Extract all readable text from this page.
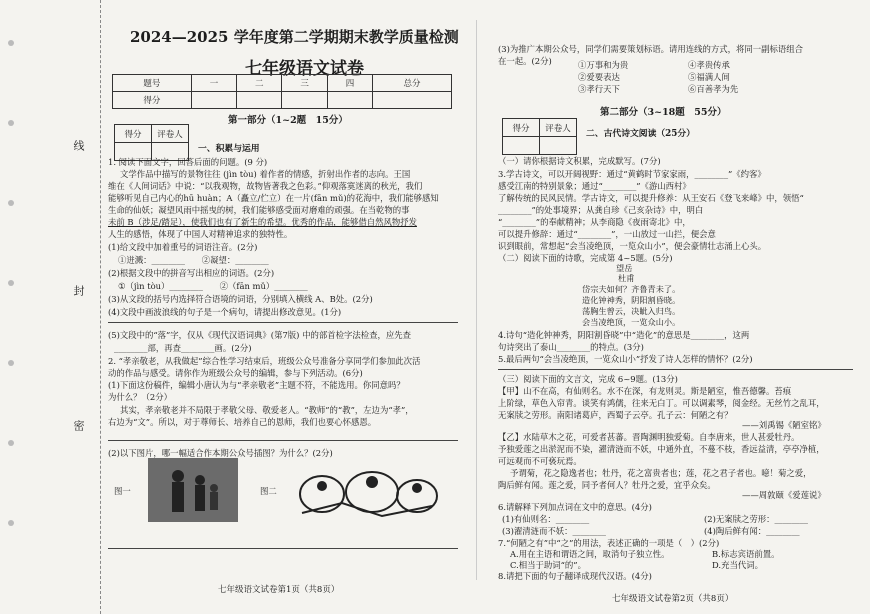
线
封
密
2024—2025 学年度第二学期期末教学质量检测
七年级语文试卷
题号	一	二	三	四	总分
得分					
第一部分（1~2题　15分）
得分	评卷人

一、积累与运用
1. 阅读下面文字，回答后面的问题。(9 分)
文学作品中描写的景物往往 (jìn tòu) 着作者的情感，折射出作者的志向。王国
维在《人间词话》中说：“以我观物，故物皆著我之色彩。”仰观落寞迷离的秋光，我们
能够听见自己内心的hū huàn；A（矗立/伫立）在一片(fān mǔ)的花海中，我们能够感知
生命的仙妖；凝望风雨中摇曳的树，我们能够感受面对磨难的顽强。在当乾物的事
未前 B（涉足/踏足），使我们也有了新生的希望。优秀的作品，能够借自然风物抒发
人生的感悟，体现了中国人对精神追求的独特性。
(1)给文段中加着重号的词语注音。(2分)
①迸溅：________　　②凝望：________
(2)根据文段中的拼音写出相应的词语。(2分)
①（jìn tòu）________　　②（fān mǔ）________
(3)从文段的括号内选择符合语境的词语，分别填入横线 A、B处。(2分)
(4)文段中画波浪线的句子是一个病句，请提出修改意见。(1分)
(5)文段中的“落”字，仅从《现代汉语词典》(第7版) 中的部首检字法检查，应先查
________部，再查________画。(2分)
2. “孝亲敬老，从我做起”综合性学习结束后，班级公众号准备分享同学们参加此次活
动的作品与感受。请你作为班级公众号的编辑，参与下列活动。(6分)
(1)下面这份稿件，编辑小唐认为与“孝亲敬老”主题不符，不能选用。你同意吗？
为什么？（2分）
其实，孝亲敬老并不局限于孝敬父母、敬爱老人。“教师”的“教”，左边为“孝”，
右边为“文”。所以，对于尊师长、培养自己的恩师，我们也要心怀感恩。
(2)以下图片，哪一幅适合作本期公众号插图？为什么？(2分)
图一	图二
七年级语文试卷第1页（共8页）
(3)为推广本期公众号，同学们需要策划标语。请用连线的方式，将同一副标语组合
在一起。(2分)	①万事和为贵
②爱要表达
③孝行天下
④孝贵传承
⑤福满人间
⑥百善孝为先
第二部分（3~18题　55分）
得分	评卷人

二、古代诗文阅读（25分）
（一）请你根据诗文积累，完成默写。(7分)
3.学古诗文，可以开阔视野：通过“黄鹤时节家家雨，________”《约客》
感受江南的特别景象；通过“________”《游山西村》
了解传统的民风民情。学古诗文，可以提升修养：从王安石《登飞来峰》中，领悟“
________”的处事境界；从龚自珍《己亥杂诗》中，明白
“________”的奉献精神；从李商隐《夜雨寄北》中，
可以提升修辞：通过“________”，一山放过一山拦，便会意
识到眼前，常想起“会当凌绝顶，一览众山小”，便会豪情壮志涌上心头。
（二）阅读下面的诗歌，完成第 4~5题。(5分)
望岳
杜甫
岱宗夫如何？齐鲁青未了。
造化钟神秀，阴阳割昏晓。
荡胸生曾云，决眦入归鸟。
会当凌绝顶，一览众山小。
4.诗句“造化钟神秀，阴阳割昏晓”中“造化”的意思是________，这两
句诗突出了泰山________的特点。(3分)
5.最后两句“会当凌绝顶，一览众山小”抒发了诗人怎样的情怀？(2分)
（三）阅读下面的文言文，完成 6~9题。(13分)
【甲】山不在高，有仙则名。水不在深，有龙则灵。斯是陋室，惟吾德馨。苔痕
上阶绿，草色入帘青。谈笑有鸿儒，往来无白丁。可以调素琴，阅金经。无丝竹之乱耳，
无案牍之劳形。南阳诸葛庐，西蜀子云亭。孔子云：何陋之有？
——刘禹锡《陋室铭》
【乙】水陆草木之花，可爱者甚蕃。晋陶渊明独爱菊。自李唐来，世人甚爱牡丹。
予独爱莲之出淤泥而不染，濯清涟而不妖，中通外直，不蔓不枝，香远益清，亭亭净植，
可远观而不可亵玩焉。
予谓菊，花之隐逸者也；牡丹，花之富贵者也；莲，花之君子者也。噫！菊之爱，
陶后鲜有闻。莲之爱，同予者何人？牡丹之爱，宜乎众矣。
——周敦颐《爱莲说》
6.请解释下列加点词在文中的意思。(4分)
(1)有仙则名：________	(2)无案牍之劳形：________
(3)濯清涟而不妖：________	(4)陶后鲜有闻：________
7.“何陋之有”中“之”的用法，表述正确的一项是（　）(2分)
A.用在主语和谓语之间，取消句子独立性。	B.标志宾语前置。
C.相当于助词“的”。	D.充当代词。
8.请把下面的句子翻译成现代汉语。(4分)
七年级语文试卷第2页（共8页）
